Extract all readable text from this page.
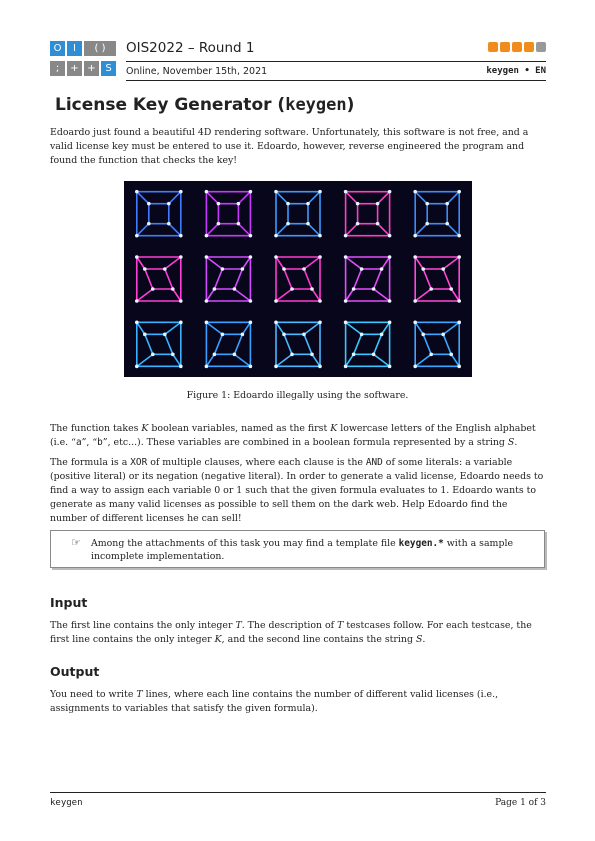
O	I	( )
;	+ + S
OIS2022 – Round 1
Online, November 15th, 2021	keygen • EN
License Key Generator (keygen)

Edoardo just found a beautiful 4D rendering software. Unfortunately, this software is not free, and a valid license key must be entered to use it. Edoardo, however, reverse engineered the program and found the function that checks the key!

Figure 1: Edoardo illegally using the software.

The function takes K boolean variables, named as the first K lowercase letters of the English alphabet (i.e. “a”, “b”, etc...). These variables are combined in a boolean formula represented by a string S.

The formula is a XOR of multiple clauses, where each clause is the AND of some literals: a variable (positive literal) or its negation (negative literal). In order to generate a valid license, Edoardo needs to find a way to assign each variable 0 or 1 such that the given formula evaluates to 1. Edoardo wants to generate as many valid licenses as possible to sell them on the dark web. Help Edoardo find the number of different licenses he can sell!

☞ Among the attachments of this task you may find a template file keygen.* with a sample incomplete implementation.
Input

The first line contains the only integer T. The description of T testcases follow. For each testcase, the first line contains the only integer K, and the second line contains the string S.

Output

You need to write T lines, where each line contains the number of different valid licenses (i.e., assignments to variables that satisfy the given formula).

keygen	Page 1 of 3
